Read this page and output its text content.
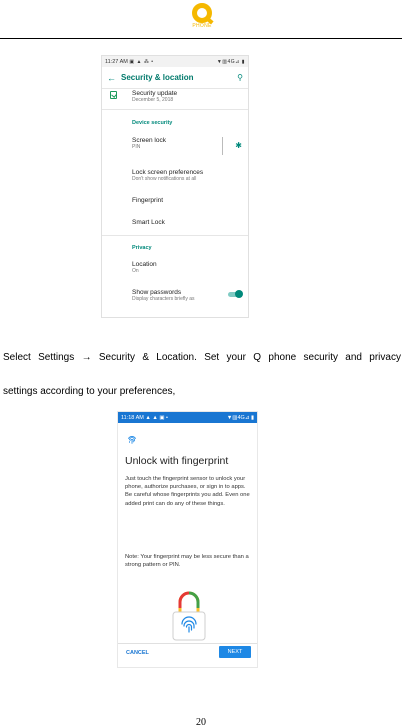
PHONE
11:27 AM ▣ ▲ ⁂ •	▼▥4G⊿ ▮
← Security & location	⚲
Security update
December 5, 2018
Device security
Screen lock
PIN	✱
Lock screen preferences
Don't show notifications at all
Fingerprint
Smart Lock
Privacy
Location
On
Show passwords
Display characters briefly as
Select Settings → Security & Location. Set your Q phone security and privacy
settings according to your preferences,
11:18 AM ▲ ▲ ▣ •	▼▥4G⊿ ▮
Unlock with fingerprint
Just touch the fingerprint sensor to unlock your phone, authorize purchases, or sign in to apps. Be careful whose fingerprints you add. Even one added print can do any of these things.
Note: Your fingerprint may be less secure than a strong pattern or PIN.
CANCEL	NEXT
20
